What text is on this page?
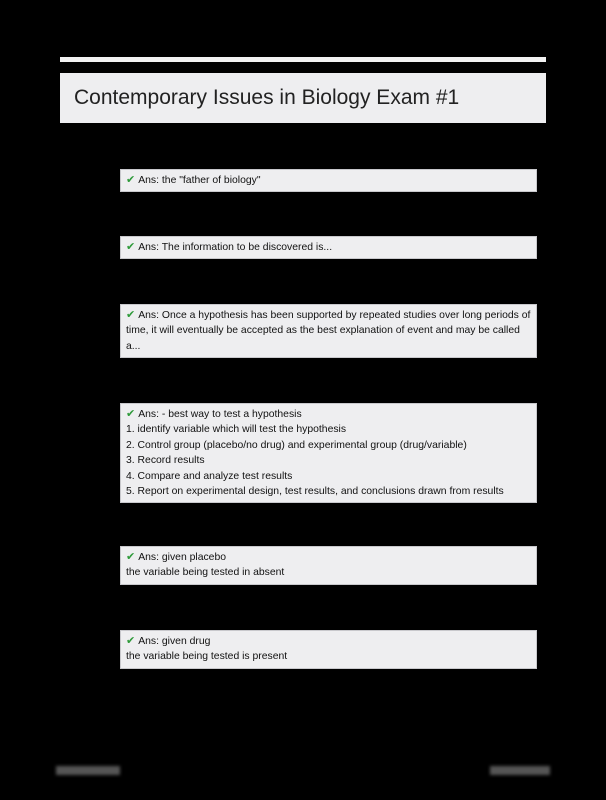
Contemporary Issues in Biology Exam #1

✔ Ans: the "father of biology"

✔ Ans: The information to be discovered is...

✔ Ans: Once a hypothesis has been supported by repeated studies over long periods of time, it will eventually be accepted as the best explanation of event and may be called a...

✔ Ans: - best way to test a hypothesis

1. identify variable which will test the hypothesis

2. Control group (placebo/no drug) and experimental group (drug/variable)

3. Record results

4. Compare and analyze test results

5. Report on experimental design, test results, and conclusions drawn from results

✔ Ans: given placebo

the variable being tested in absent

✔ Ans: given drug

the variable being tested is present
